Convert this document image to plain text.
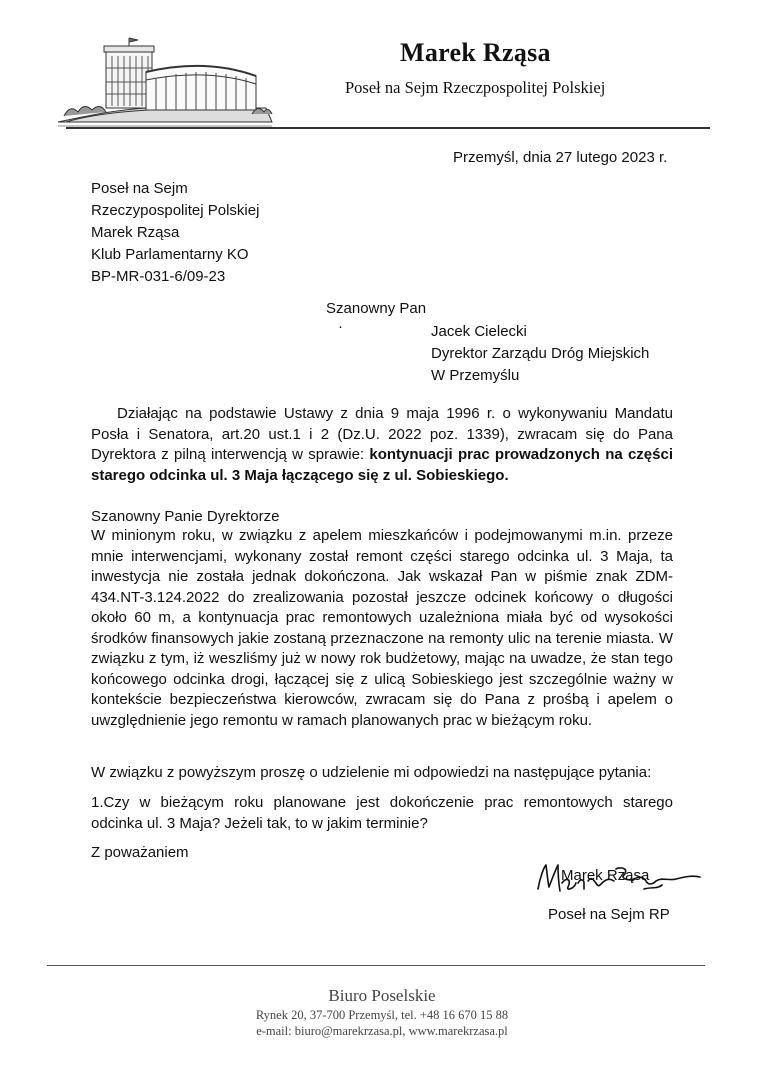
Marek Rząsa
Poseł na Sejm Rzeczpospolitej Polskiej
Przemyśl, dnia 27 lutego 2023 r.
Poseł na Sejm
Rzeczypospolitej Polskiej
Marek Rząsa
Klub Parlamentarny KO
BP-MR-031-6/09-23
Szanowny Pan
·	Jacek Cielecki
Dyrektor Zarządu Dróg Miejskich
W Przemyślu
Działając na podstawie Ustawy z dnia 9 maja 1996 r. o wykonywaniu Mandatu Posła i Senatora, art.20 ust.1 i 2 (Dz.U. 2022 poz. 1339), zwracam się do Pana Dyrektora z pilną interwencją w sprawie: kontynuacji prac prowadzonych na części starego odcinka ul. 3 Maja łączącego się z ul. Sobieskiego.
Szanowny Panie Dyrektorze
W minionym roku, w związku z apelem mieszkańców i podejmowanymi m.in. przeze mnie interwencjami, wykonany został remont części starego odcinka ul. 3 Maja, ta inwestycja nie została jednak dokończona. Jak wskazał Pan w piśmie znak ZDM-434.NT-3.124.2022 do zrealizowania pozostał jeszcze odcinek końcowy o długości około 60 m, a kontynuacja prac remontowych uzależniona miała być od wysokości środków finansowych jakie zostaną przeznaczone na remonty ulic na terenie miasta. W związku z tym, iż weszliśmy już w nowy rok budżetowy, mając na uwadze, że stan tego końcowego odcinka drogi, łączącej się z ulicą Sobieskiego jest szczególnie ważny w kontekście bezpieczeństwa kierowców, zwracam się do Pana z prośbą i apelem o uwzględnienie jego remontu w ramach planowanych prac w bieżącym roku.
W związku z powyższym proszę o udzielenie mi odpowiedzi na następujące pytania:
1.Czy w bieżącym roku planowane jest dokończenie prac remontowych starego odcinka ul. 3 Maja? Jeżeli tak, to w jakim terminie?
Z poważaniem
Marek Rząsa
Poseł na Sejm RP
Biuro Poselskie
Rynek 20, 37-700 Przemyśl, tel. +48 16 670 15 88
e-mail: biuro@marekrzasa.pl, www.marekrzasa.pl
